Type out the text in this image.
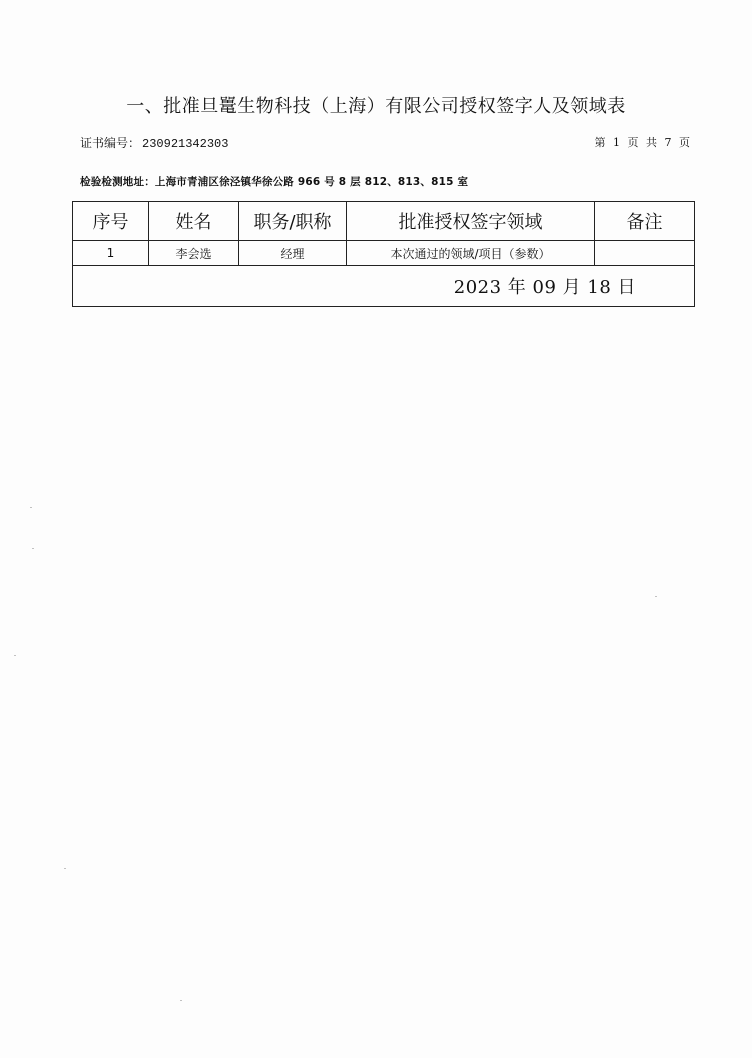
一、批准旦鼍生物科技（上海）有限公司授权签字人及领域表
证书编号： 230921342303	第 1 页 共 7 页
检验检测地址：上海市青浦区徐泾镇华徐公路 966 号 8 层 812、813、815 室
序号	姓名	职务/职称	批准授权签字领域	备注
1	李会选	经理	本次通过的领域/项目（参数）	
2023 年 09 月 18 日				
